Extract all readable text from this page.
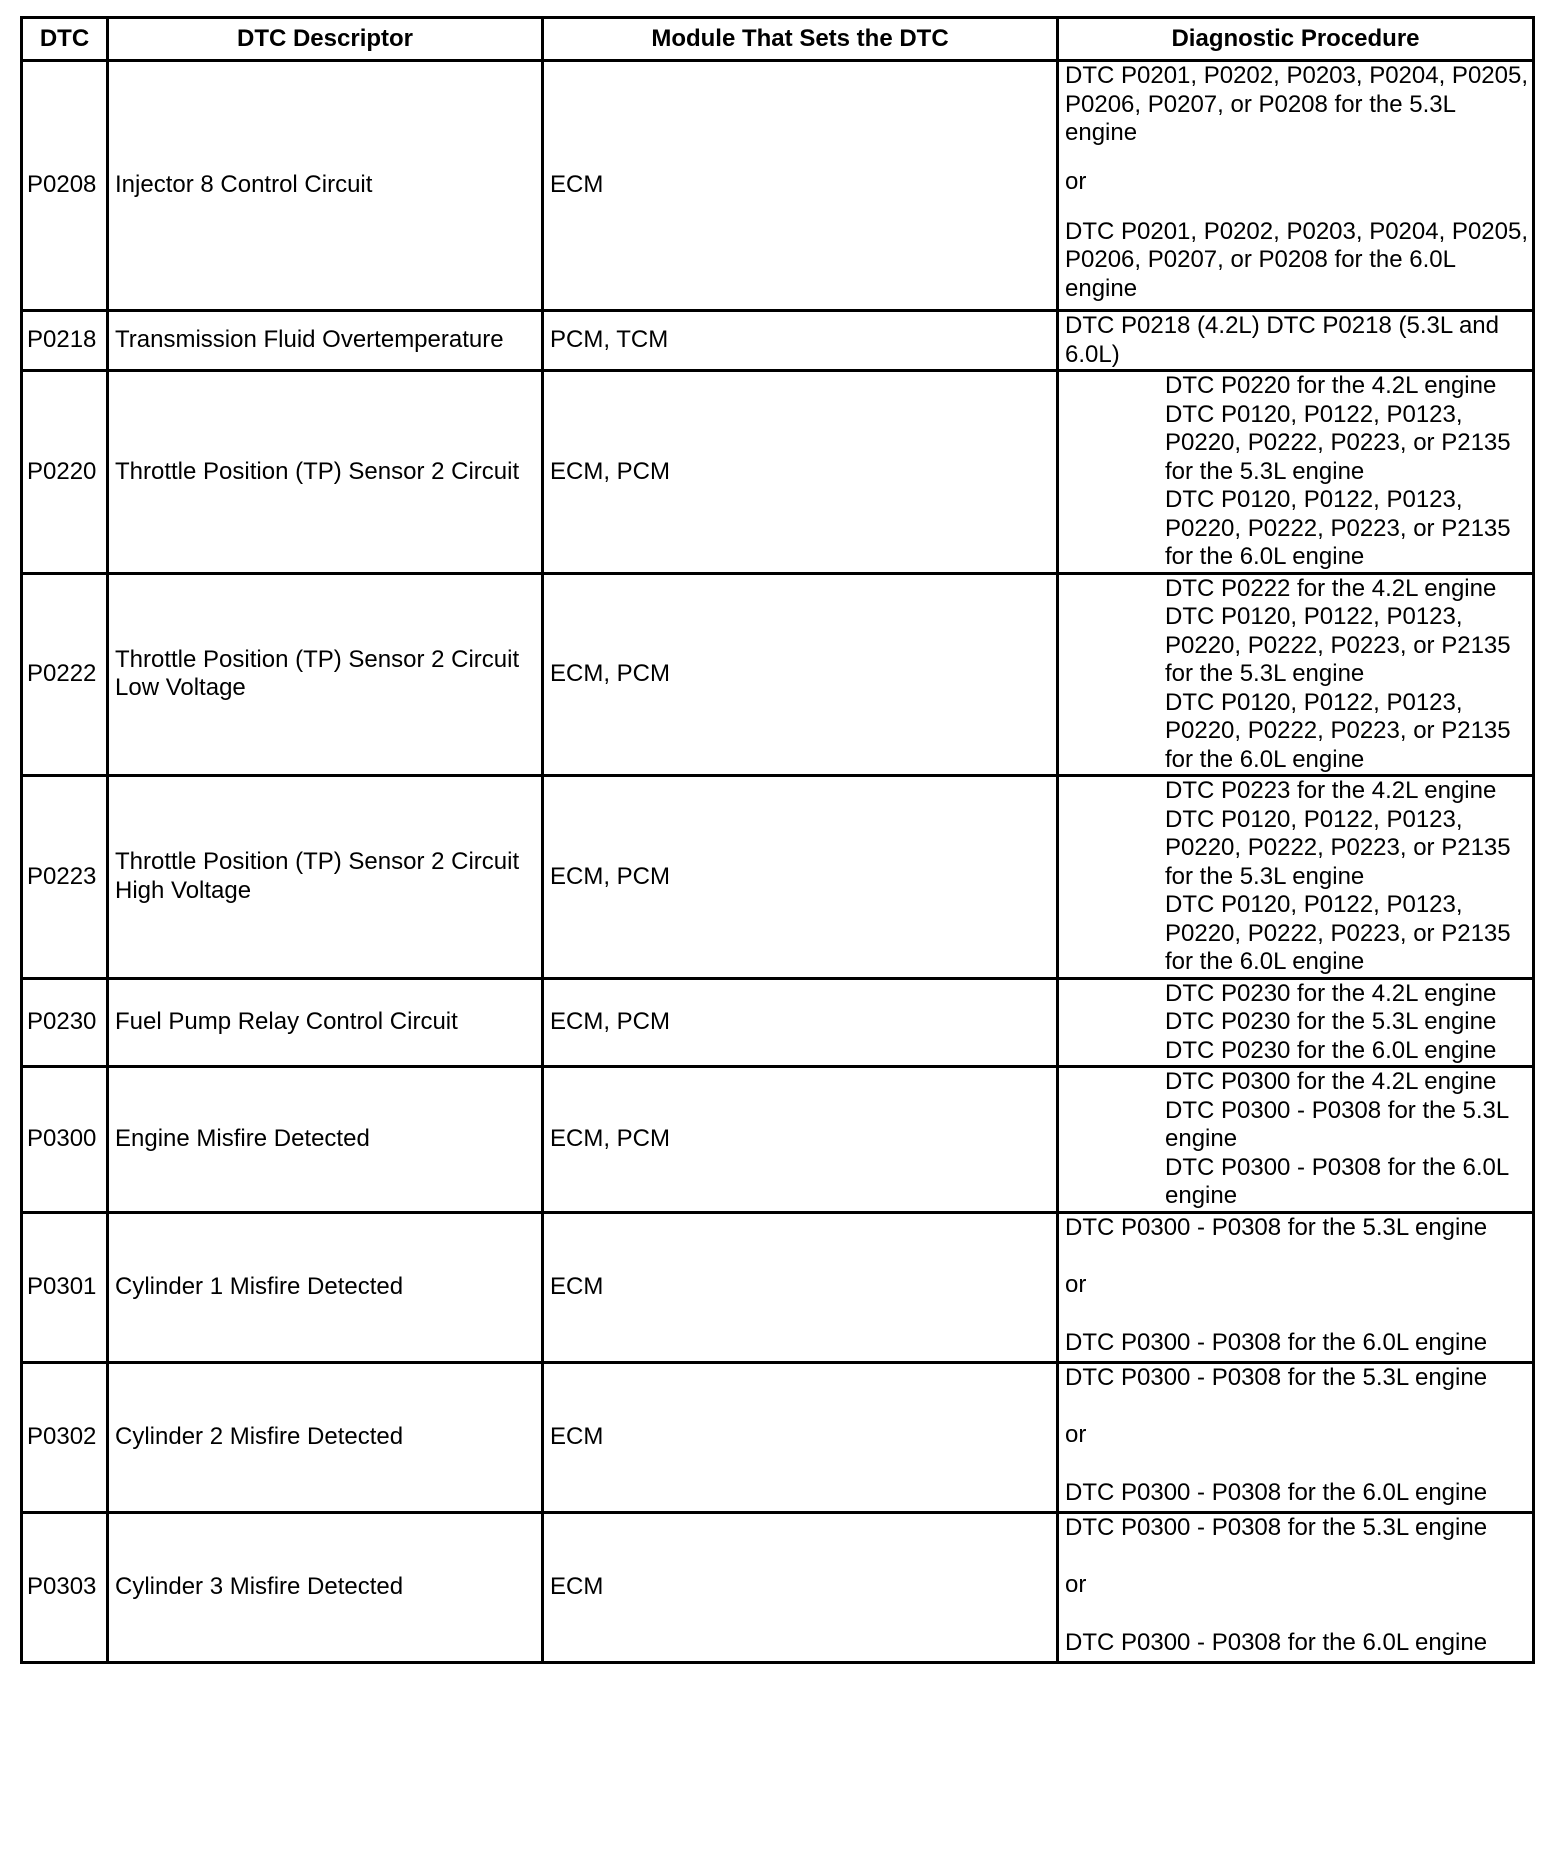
DTC	DTC Descriptor	Module That Sets the DTC	Diagnostic Procedure
P0208	Injector 8 Control Circuit	ECM	DTC P0201, P0202, P0203, P0204, P0205, P0206, P0207, or P0208 for the 5.3L engine
or
DTC P0201, P0202, P0203, P0204, P0205, P0206, P0207, or P0208 for the 6.0L engine

P0218	Transmission Fluid Overtemperature	PCM, TCM	DTC P0218 (4.2L) DTC P0218 (5.3L and 6.0L)
P0220	Throttle Position (TP) Sensor 2 Circuit	ECM, PCM	DTC P0220 for the 4.2L engine
DTC P0120, P0122, P0123, P0220, P0222, P0223, or P2135 for the 5.3L engine
DTC P0120, P0122, P0123, P0220, P0222, P0223, or P2135 for the 6.0L engine

P0222	Throttle Position (TP) Sensor 2 Circuit Low Voltage	ECM, PCM	DTC P0222 for the 4.2L engine
DTC P0120, P0122, P0123, P0220, P0222, P0223, or P2135 for the 5.3L engine
DTC P0120, P0122, P0123, P0220, P0222, P0223, or P2135 for the 6.0L engine

P0223	Throttle Position (TP) Sensor 2 Circuit High Voltage	ECM, PCM	DTC P0223 for the 4.2L engine
DTC P0120, P0122, P0123, P0220, P0222, P0223, or P2135 for the 5.3L engine
DTC P0120, P0122, P0123, P0220, P0222, P0223, or P2135 for the 6.0L engine

P0230	Fuel Pump Relay Control Circuit	ECM, PCM	DTC P0230 for the 4.2L engine
DTC P0230 for the 5.3L engine
DTC P0230 for the 6.0L engine

P0300	Engine Misfire Detected	ECM, PCM	DTC P0300 for the 4.2L engine
DTC P0300 - P0308 for the 5.3L engine
DTC P0300 - P0308 for the 6.0L engine

P0301	Cylinder 1 Misfire Detected	ECM	DTC P0300 - P0308 for the 5.3L engine
or
DTC P0300 - P0308 for the 6.0L engine

P0302	Cylinder 2 Misfire Detected	ECM	DTC P0300 - P0308 for the 5.3L engine
or
DTC P0300 - P0308 for the 6.0L engine

P0303	Cylinder 3 Misfire Detected	ECM	DTC P0300 - P0308 for the 5.3L engine
or
DTC P0300 - P0308 for the 6.0L engine
